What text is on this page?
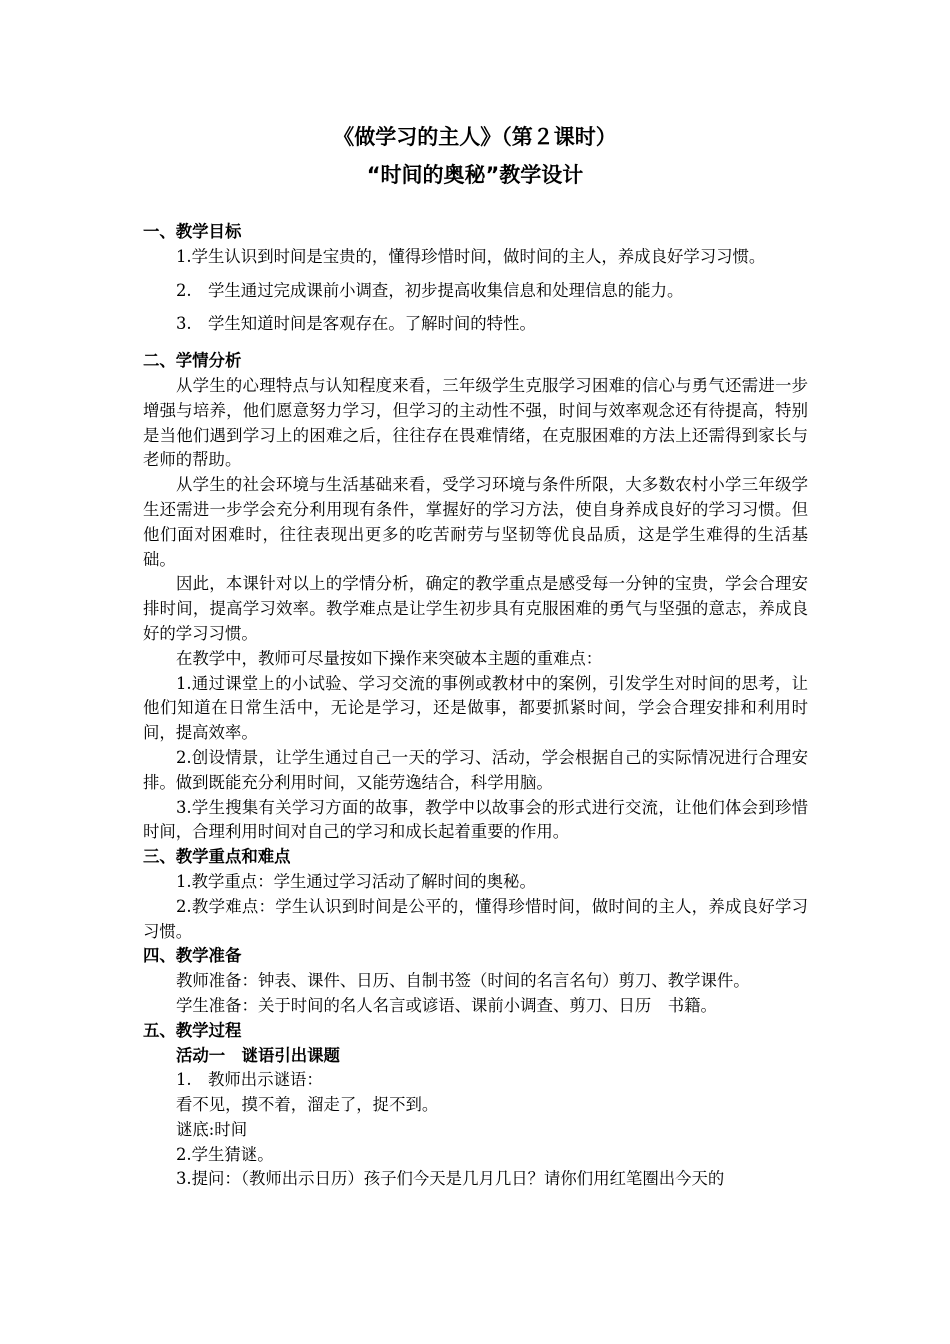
《做学习的主人》（第２课时）
“时间的奥秘”教学设计
一、教学目标

1.学生认识到时间是宝贵的，懂得珍惜时间，做时间的主人，养成良好学习习惯。

2.　学生通过完成课前小调查，初步提高收集信息和处理信息的能力。

3.　学生知道时间是客观存在。了解时间的特性。

二、学情分析

从学生的心理特点与认知程度来看，三年级学生克服学习困难的信心与勇气还需进一步增强与培养，他们愿意努力学习，但学习的主动性不强，时间与效率观念还有待提高，特别是当他们遇到学习上的困难之后，往往存在畏难情绪，在克服困难的方法上还需得到家长与老师的帮助。

从学生的社会环境与生活基础来看，受学习环境与条件所限，大多数农村小学三年级学生还需进一步学会充分利用现有条件，掌握好的学习方法，使自身养成良好的学习习惯。但他们面对困难时，往往表现出更多的吃苦耐劳与坚韧等优良品质，这是学生难得的生活基础。

因此，本课针对以上的学情分析，确定的教学重点是感受每一分钟的宝贵，学会合理安排时间，提高学习效率。教学难点是让学生初步具有克服困难的勇气与坚强的意志，养成良好的学习习惯。

在教学中，教师可尽量按如下操作来突破本主题的重难点：

1.通过课堂上的小试验、学习交流的事例或教材中的案例，引发学生对时间的思考，让他们知道在日常生活中，无论是学习，还是做事，都要抓紧时间，学会合理安排和利用时间，提高效率。

2.创设情景，让学生通过自己一天的学习、活动，学会根据自己的实际情况进行合理安排。做到既能充分利用时间，又能劳逸结合，科学用脑。

3.学生搜集有关学习方面的故事，教学中以故事会的形式进行交流，让他们体会到珍惜时间，合理利用时间对自己的学习和成长起着重要的作用。

三、教学重点和难点

1.教学重点：学生通过学习活动了解时间的奥秘。

2.教学难点：学生认识到时间是公平的，懂得珍惜时间，做时间的主人，养成良好学习习惯。

四、教学准备

教师准备：钟表、课件、日历、自制书签（时间的名言名句）剪刀、教学课件。

学生准备：关于时间的名人名言或谚语、课前小调查、剪刀、日历　书籍。

五、教学过程
活动一　谜语引出课题

1.　教师出示谜语：

看不见，摸不着，溜走了，捉不到。

谜底:时间

2.学生猜谜。

3.提问：（教师出示日历）孩子们今天是几月几日？请你们用红笔圈出今天的
